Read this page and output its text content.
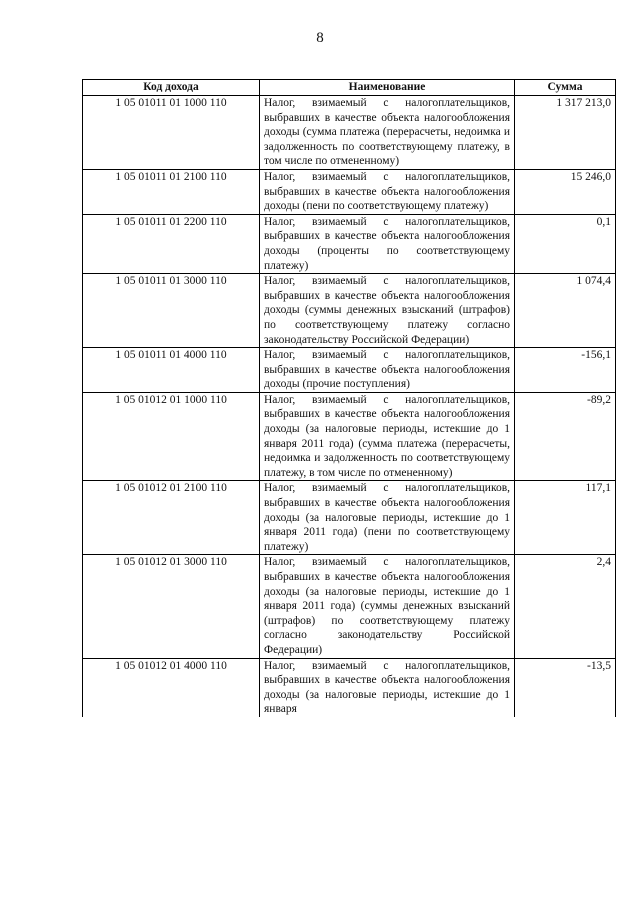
8
Код дохода	Наименование	Сумма
1 05 01011 01 1000 110	Налог, взимаемый с налогоплательщиков, выбравших в качестве объекта налогообложения доходы (сумма платежа (перерасчеты, недоимка и задолженность по соответствующему платежу, в том числе по отмененному)	1 317 213,0
1 05 01011 01 2100 110	Налог, взимаемый с налогоплательщиков, выбравших в качестве объекта налогообложения доходы (пени по соответствующему платежу)	15 246,0
1 05 01011 01 2200 110	Налог, взимаемый с налогоплательщиков, выбравших в качестве объекта налогообложения доходы (проценты по соответствующему платежу)	0,1
1 05 01011 01 3000 110	Налог, взимаемый с налогоплательщиков, выбравших в качестве объекта налогообложения доходы (суммы денежных взысканий (штрафов) по соответствующему платежу согласно законодательству Российской Федерации)	1 074,4
1 05 01011 01 4000 110	Налог, взимаемый с налогоплательщиков, выбравших в качестве объекта налогообложения доходы (прочие поступления)	-156,1
1 05 01012 01 1000 110	Налог, взимаемый с налогоплательщиков, выбравших в качестве объекта налогообложения доходы (за налоговые периоды, истекшие до 1 января 2011 года) (сумма платежа (перерасчеты, недоимка и задолженность по соответствующему платежу, в том числе по отмененному)	-89,2
1 05 01012 01 2100 110	Налог, взимаемый с налогоплательщиков, выбравших в качестве объекта налогообложения доходы (за налоговые периоды, истекшие до 1 января 2011 года) (пени по соответствующему платежу)	117,1
1 05 01012 01 3000 110	Налог, взимаемый с налогоплательщиков, выбравших в качестве объекта налогообложения доходы (за налоговые периоды, истекшие до 1 января 2011 года) (суммы денежных взысканий (штрафов) по соответствующему платежу согласно законодательству Российской Федерации)	2,4
1 05 01012 01 4000 110	Налог, взимаемый с налогоплательщиков, выбравших в качестве объекта налогообложения доходы (за налоговые периоды, истекшие до 1 января	-13,5
